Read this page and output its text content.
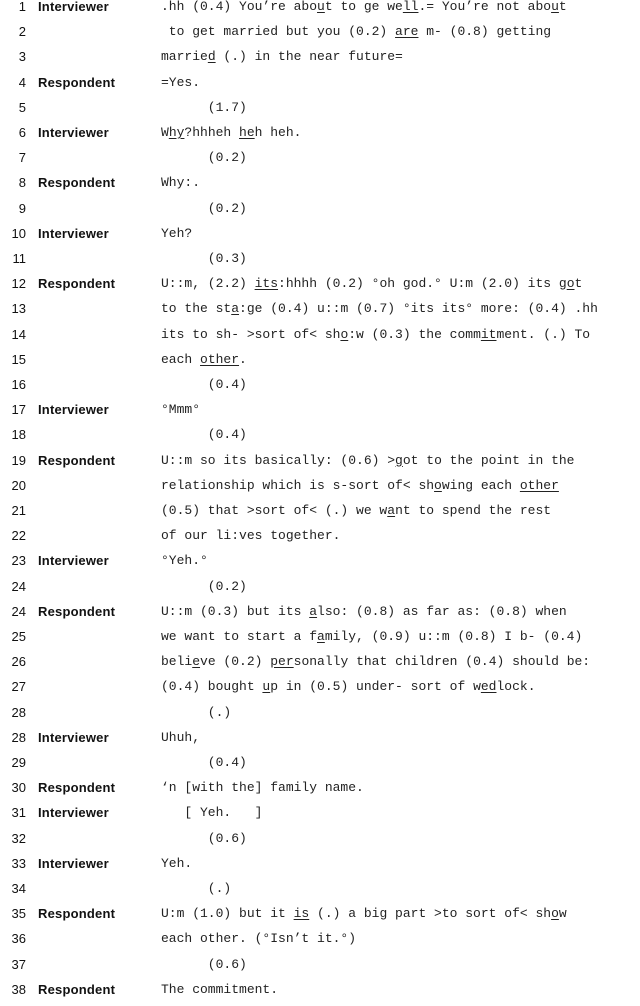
1 Interviewer	.hh (0.4) You’re about to ge well.= You’re not about
2	to get married but you (0.2) are m- (0.8) getting
3	married (.) in the near future=
4 Respondent	=Yes.
5	(1.7)
6 Interviewer	Why?hhheh heh heh.
7	(0.2)
8 Respondent	Why:.
9	(0.2)
10 Interviewer	Yeh?
11	(0.3)
12 Respondent	U::m, (2.2) its:hhhh (0.2) °oh god.° U:m (2.0) its got
13	to the sta:ge (0.4) u::m (0.7) °its its° more: (0.4) .hh
14	its to sh- >sort of< sho:w (0.3) the commitment. (.) To
15	each other.
16	(0.4)
17 Interviewer	°Mmm°
18	(0.4)
19 Respondent	U::m so its basically: (0.6) >got to the point in the
20	relationship which is s-sort of< showing each other
21	(0.5) that >sort of< (.) we want to spend the rest
22	of our li:ves together.
23 Interviewer	°Yeh.°
24	(0.2)
24 Respondent	U::m (0.3) but its also: (0.8) as far as: (0.8) when
25	we want to start a family, (0.9) u::m (0.8) I b- (0.4)
26	believe (0.2) personally that children (0.4) should be:
27	(0.4) bought up in (0.5) under- sort of wedlock.
28	(.)
28 Interviewer	Uhuh,
29	(0.4)
30 Respondent	‘n [with the] family name.
31 Interviewer	[ Yeh.   ]
32	(0.6)
33 Interviewer	Yeh.
34	(.)
35 Respondent	U:m (1.0) but it is (.) a big part >to sort of< show
36	each other. (°Isn’t it.°)
37	(0.6)
38 Respondent	The commitment.
